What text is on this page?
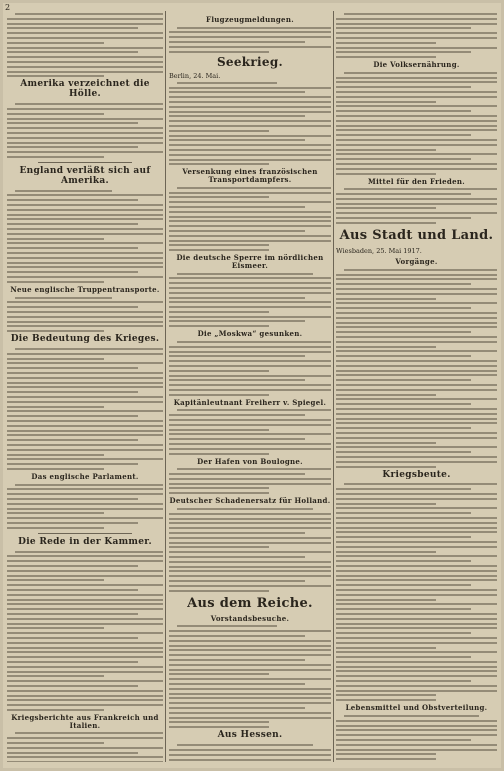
2
Amerika verzeichnet die Hölle.
England verläßt sich auf Amerika.
Neue englische Truppentransporte.
Die Bedeutung des Krieges.
Das englische Parlament.
Die Rede in der Kammer.
Kriegsberichte aus Frankreich und Italien.
Flugzeugmeldungen.
Seekrieg.
Berlin, 24. Mai.
Versenkung eines französischen Transportdampfers.
Die deutsche Sperre im nördlichen Eismeer.
Die „Moskwa“ gesunken.
Kapitänleutnant Freiherr v. Spiegel.
Der Hafen von Boulogne.
Deutscher Schadenersatz für Holland.
Aus dem Reiche.
Vorstandsbesuche.
Aus Hessen.
Die Volksernährung.
Mittel für den Frieden.
Aus Stadt und Land.
Wiesbaden, 25. Mai 1917.
Vorgänge.
Kriegsbeute.
Lebensmittel und Obstverteilung.
